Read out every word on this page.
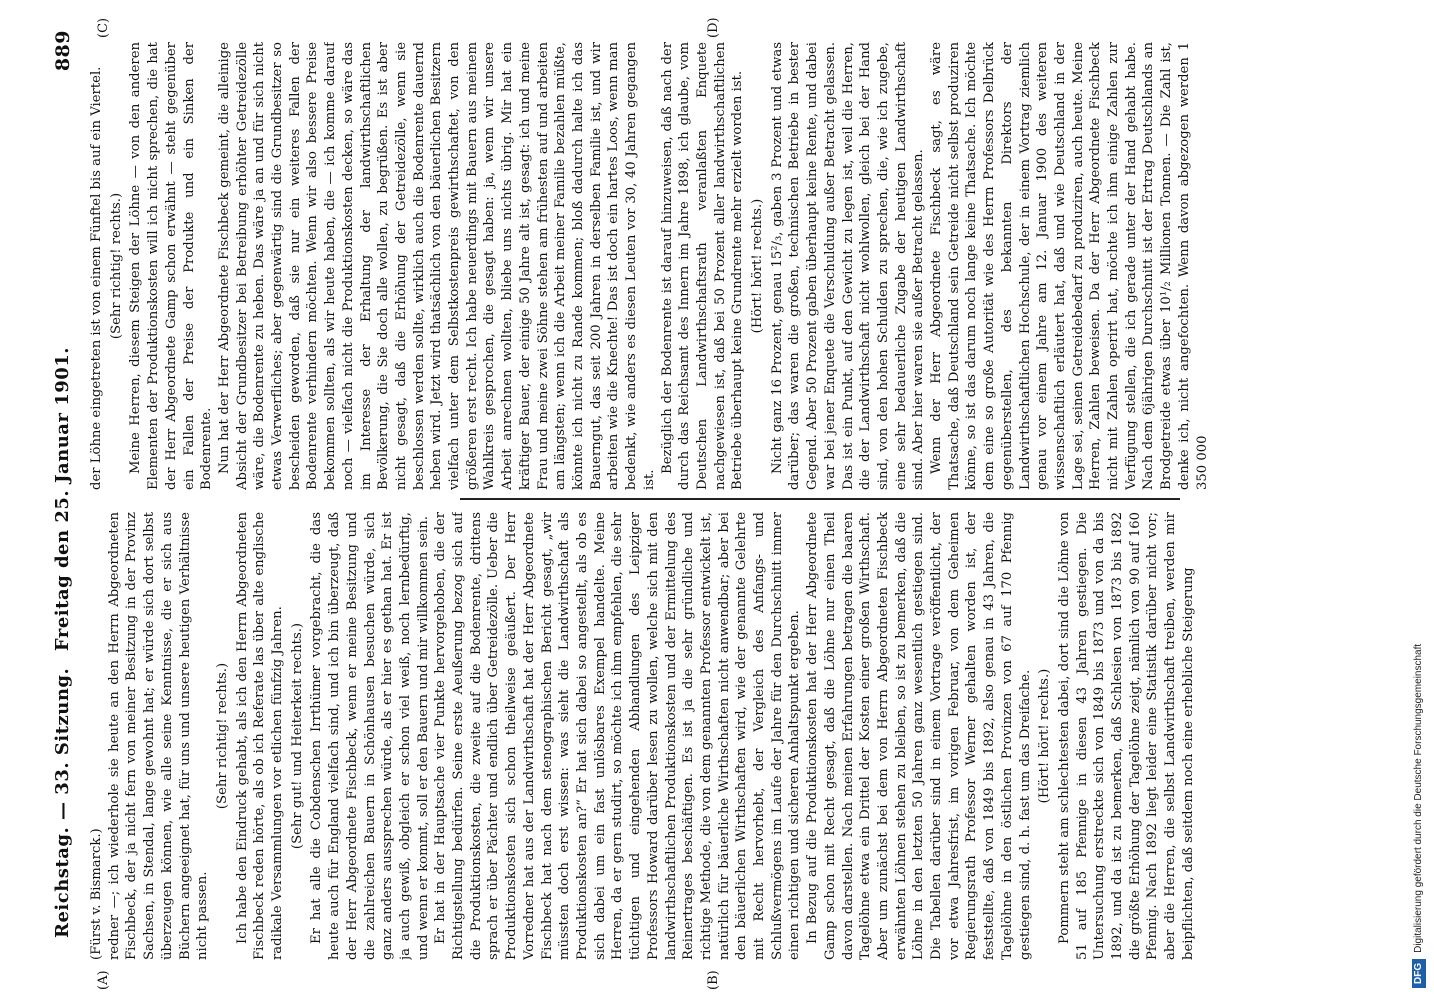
Reichstag. — 33. Sitzung.
Freitag den 25. Januar 1901.
889
(A)	(B)
(C)	(D)

(Fürst v. Bismarck.) redner —; ich wiederhole sie heute an den Herrn Abgeordneten Fischbeck, der ja nicht fern von meiner Besitzung in der Provinz Sachsen, in Stendal, lange gewohnt hat; er würde sich dort selbst überzeugen können, wie alle seine Kenntnisse, die er sich aus Büchern angeeignet hat, für uns und unsere heutigen Verhältnisse nicht passen.

(Sehr richtig! rechts.) Ich habe den Eindruck gehabt, als ich den Herrn Abgeordneten Fischbeck reden hörte, als ob ich Referate las über alte englische radikale Versammlungen vor etlichen fünfzig Jahren. (Sehr gut! und Heiterkeit rechts.) Er hat alle die Cobdenschen Irrthümer vorgebracht, die das heute auch für England vielfach sind, und ich bin überzeugt, daß der Herr Abgeordnete Fischbeck, wenn er meine Besitzung und die zahlreichen Bauern in Schönhausen besuchen würde, sich ganz anders aussprechen würde, als er hier es gethan hat. Er ist ja auch gewiß, obgleich er schon viel weiß, noch lernbedürftig, und wenn er kommt, soll er den Bauern und mir willkommen sein. Er hat in der Hauptsache vier Punkte hervorgehoben, die der Richtigstellung bedürfen. Seine erste Aeußerung bezog sich auf die Produktionskosten, die zweite auf die Bodenrente, drittens sprach er über Pächter und endlich über Getreidezölle. Ueber die Produktionskosten sich schon theilweise geäußert. Der Herr Vorredner hat aus der Landwirthschaft hat der Herr Abgeordnete Fischbeck hat nach dem stenographischen Bericht gesagt, „wir müssten doch erst wissen: was sieht die Landwirthschaft als Produktionskosten an?“ Er hat sich dabei so angestellt, als ob es sich dabei um ein fast unlösbares Exempel handelte. Meine Herren, da er gern studirt, so möchte ich ihm empfehlen, die sehr tüchtigen und eingehenden Abhandlungen des Leipziger Professors Howard darüber lesen zu wollen, welche sich mit den landwirthschaftlichen Produktionskosten und der Ermittelung des Reinertrages beschäftigen. Es ist ja die sehr gründliche und richtige Methode, die von dem genannten Professor entwickelt ist, natürlich für bäuerliche Wirthschaften nicht anwendbar; aber bei den bäuerlichen Wirthschaften wird, wie der genannte Gelehrte mit Recht hervorhebt, der Vergleich des Anfangs- und Schlußvermögens im Laufe der Jahre für den Durchschnitt immer einen richtigen und sicheren Anhaltspunkt ergeben. In Bezug auf die Produktionskosten hat der Herr Abgeordnete Gamp schon mit Recht gesagt, daß die Löhne nur einen Theil davon darstellen. Nach meinen Erfahrungen betragen die baaren Tagelöhne etwa ein Drittel der Kosten einer großen Wirthschaft. Aber um zunächst bei dem von Herrn Abgeordneten Fischbeck erwähnten Löhnen stehen zu bleiben, so ist zu bemerken, daß die Löhne in den letzten 50 Jahren ganz wesentlich gestiegen sind. Die Tabellen darüber sind in einem Vortrage veröffentlicht, der vor etwa Jahresfrist, im vorigen Februar, von dem Geheimen Regierungsrath Professor Werner gehalten worden ist, der feststellte, daß von 1849 bis 1892, also genau in 43 Jahren, die Tagelöhne in den östlichen Provinzen von 67 auf 170 Pfennig gestiegen sind, d. h. fast um das Dreifache. (Hört! hört! rechts.) Pommern steht am schlechtesten dabei, dort sind die Löhne von 51 auf 185 Pfennige in diesen 43 Jahren gestiegen. Die Untersuchung erstreckte sich von 1849 bis 1873 und von da bis 1892, und da ist zu bemerken, daß Schlesien von 1873 bis 1892 die größte Erhöhung der Tagelöhne zeigt, nämlich von 90 auf 160 Pfennig. Nach 1892 liegt leider eine Statistik darüber nicht vor; aber die Herren, die selbst Landwirthschaft treiben, werden mir beipflichten, daß seitdem noch eine erhebliche Steigerung

der Löhne eingetreten ist von einem Fünftel bis auf ein Viertel. (Sehr richtig! rechts.) Meine Herren, diesem Steigen der Löhne — von den anderen Elementen der Produktionskosten will ich nicht sprechen, die hat der Herr Abgeordnete Gamp schon erwähnt — steht gegenüber ein Fallen der Preise der Produkte und ein Sinken der Bodenrente. Nun hat der Herr Abgeordnete Fischbeck gemeint, die alleinige Absicht der Grundbesitzer bei Betreibung erhöhter Getreidezölle wäre, die Bodenrente zu heben. Das wäre ja an und für sich nicht etwas Verwerfliches; aber gegenwärtig sind die Grundbesitzer so bescheiden geworden, daß sie nur ein weiteres Fallen der Bodenrente verhindern möchten. Wenn wir also bessere Preise bekommen sollten, als wir heute haben, die — ich komme darauf noch — vielfach nicht die Produktionskosten decken, so wäre das im Interesse der Erhaltung der landwirthschaftlichen Bevölkerung, die Sie doch alle wollen, zu begrüßen. Es ist aber nicht gesagt, daß die Erhöhung der Getreidezölle, wenn sie beschlossen werden sollte, wirklich auch die Bodenrente dauernd heben wird. Jetzt wird thatsächlich von den bäuerlichen Besitzern vielfach unter dem Selbstkostenpreis gewirthschaftet, von den größeren erst recht. Ich habe neuerdings mit Bauern aus meinem Wahlkreis gesprochen, die gesagt haben: ja, wenn wir unsere Arbeit anrechnen wollten, bliebe uns nichts übrig. Mir hat ein kräftiger Bauer, der einige 50 Jahre alt ist, gesagt: ich und meine Frau und meine zwei Söhne stehen am frühesten auf und arbeiten am längsten; wenn ich die Arbeit meiner Familie bezahlen müßte, könnte ich nicht zu Rande kommen; bloß dadurch halte ich das Bauerngut, das seit 200 Jahren in derselben Familie ist, und wir arbeiten wie die Knechte! Das ist doch ein hartes Loos, wenn man bedenkt, wie anders es diesen Leuten vor 30, 40 Jahren gegangen ist.

Bezüglich der Bodenrente ist darauf hinzuweisen, daß nach der durch das Reichsamt des Innern im Jahre 1898, ich glaube, vom Deutschen Landwirthschaftsrath veranlaßten Enquete nachgewiesen ist, daß bei 50 Prozent aller landwirthschaftlichen Betriebe überhaupt keine Grundrente mehr erzielt worden ist. (Hört! hört! rechts.) Nicht ganz 16 Prozent, genau 15²/₃, gaben 3 Prozent und etwas darüber; das waren die großen, technischen Betriebe in bester Gegend. Aber 50 Prozent gaben überhaupt keine Rente, und dabei war bei jener Enquete die Verschuldung außer Betracht gelassen. Das ist ein Punkt, auf den Gewicht zu legen ist, weil die Herren, die der Landwirthschaft nicht wohlwollen, gleich bei der Hand sind, von den hohen Schulden zu sprechen, die, wie ich zugebe, eine sehr bedauerliche Zugabe der heutigen Landwirthschaft sind. Aber hier waren sie außer Betracht gelassen. Wenn der Herr Abgeordnete Fischbeck sagt, es wäre Thatsache, daß Deutschland sein Getreide nicht selbst produziren könne, so ist das darum noch lange keine Thatsache. Ich möchte dem eine so große Autorität wie des Herrn Professors Delbrück gegenüberstellen, des bekannten Direktors der Landwirthschaftlichen Hochschule, der in einem Vortrag ziemlich genau vor einem Jahre am 12. Januar 1900 des weiteren wissenschaftlich erläutert hat, daß und wie Deutschland in der Lage sei, seinen Getreidebedarf zu produziren, auch heute. Meine Herren, Zahlen beweisen. Da der Herr Abgeordnete Fischbeck nicht mit Zahlen operirt hat, möchte ich ihm einige Zahlen zur Verfügung stellen, die ich gerade unter der Hand gehabt habe. Nach dem 6jährigen Durchschnitt ist der Ertrag Deutschlands an Brodgetreide etwas über 10¹/₂ Millionen Tonnen. — Die Zahl ist, denke ich, nicht angefochten. Wenn davon abgezogen werden 1 350 000

DFGDigitalisierung gefördert durch die Deutsche Forschungsgemeinschaft
